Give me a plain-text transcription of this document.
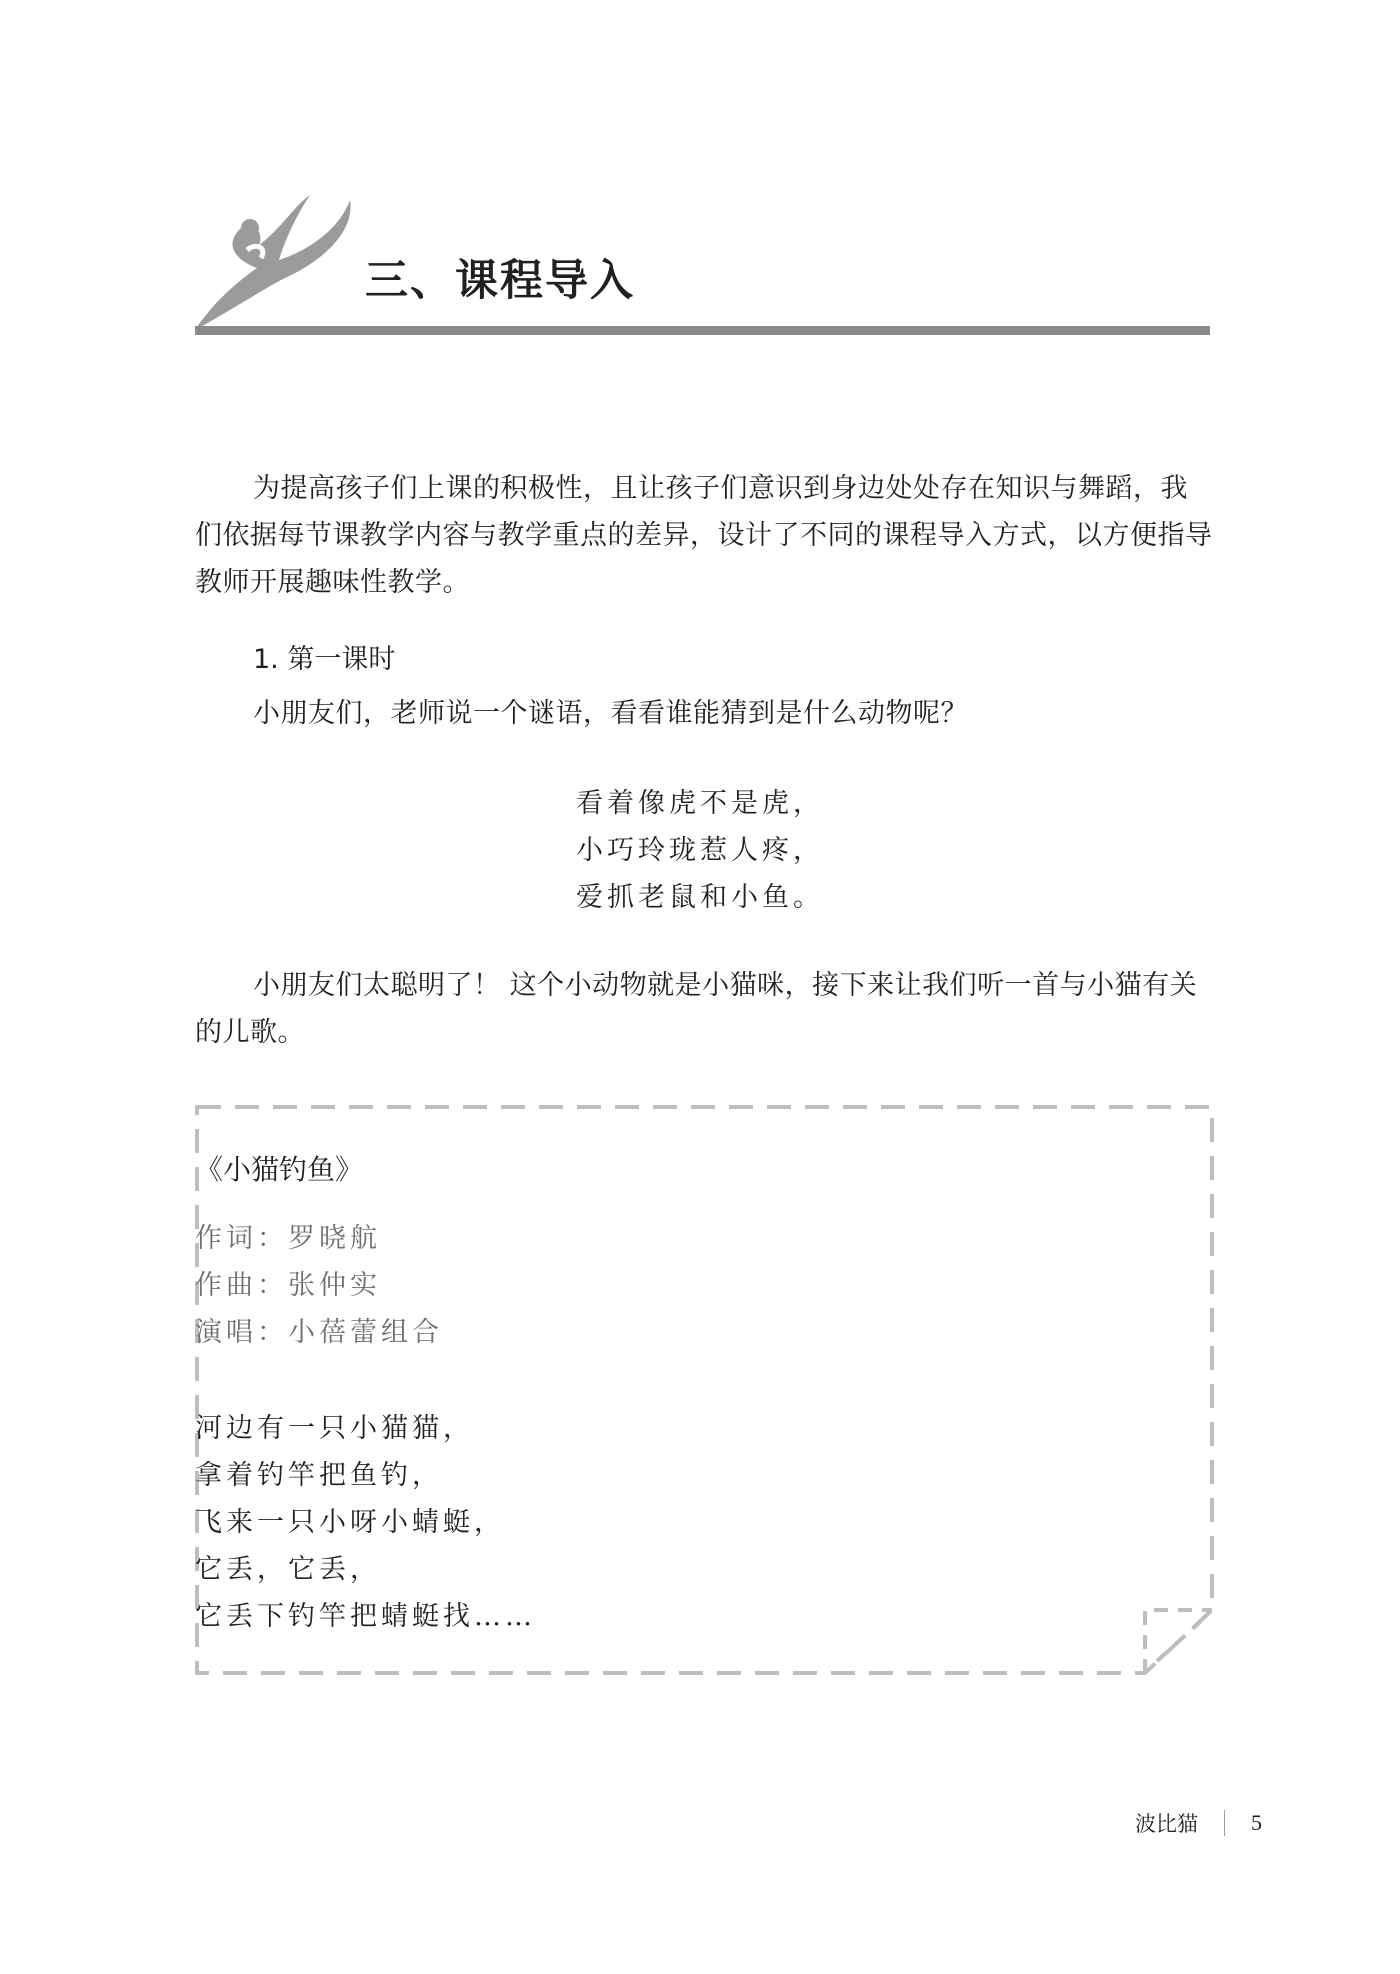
三、课程导入
为提高孩子们上课的积极性，且让孩子们意识到身边处处存在知识与舞蹈，我们依据每节课教学内容与教学重点的差异，设计了不同的课程导入方式，以方便指导教师开展趣味性教学。
1. 第一课时
小朋友们，老师说一个谜语，看看谁能猜到是什么动物呢？
看着像虎不是虎，
小巧玲珑惹人疼，
爱抓老鼠和小鱼。
小朋友们太聪明了！ 这个小动物就是小猫咪，接下来让我们听一首与小猫有关的儿歌。
《小猫钓鱼》
作词：罗晓航
作曲：张仲实
演唱：小蓓蕾组合
河边有一只小猫猫，
拿着钓竿把鱼钓，
飞来一只小呀小蜻蜓，
它丢，它丢，
它丢下钓竿把蜻蜓找……
波比猫 5
